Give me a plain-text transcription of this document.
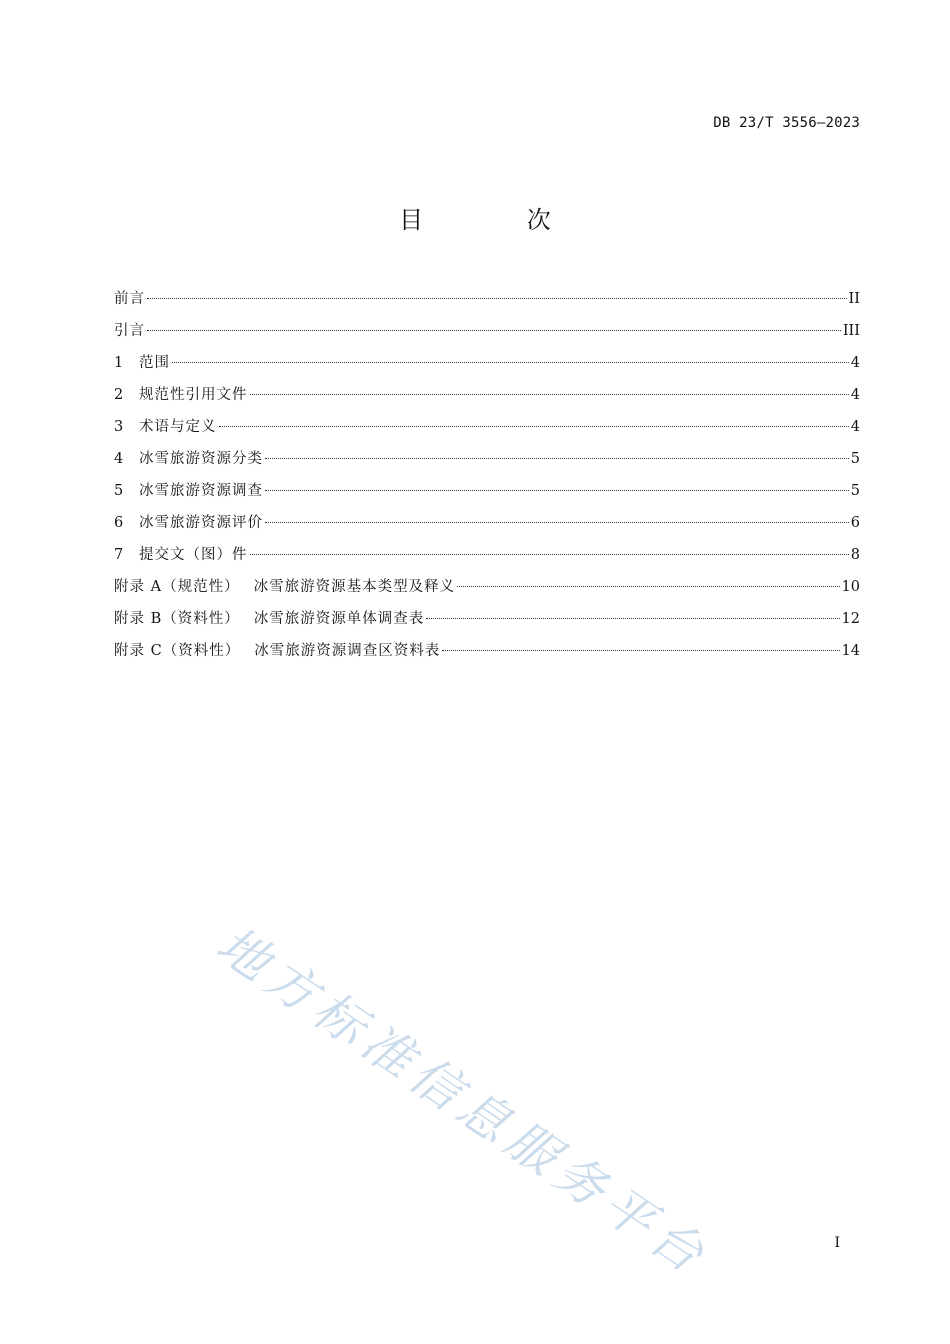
DB 23/T 3556—2023
目 次
前言	II
引言	III
1	范围	4
2	规范性引用文件	4
3	术语与定义	4
4	冰雪旅游资源分类	5
5	冰雪旅游资源调查	5
6	冰雪旅游资源评价	6
7	提交文（图）件	8
附录 A（规范性） 冰雪旅游资源基本类型及释义	10
附录 B（资料性） 冰雪旅游资源单体调查表	12
附录 C（资料性） 冰雪旅游资源调查区资料表	14
地方标准信息服务平台	I
